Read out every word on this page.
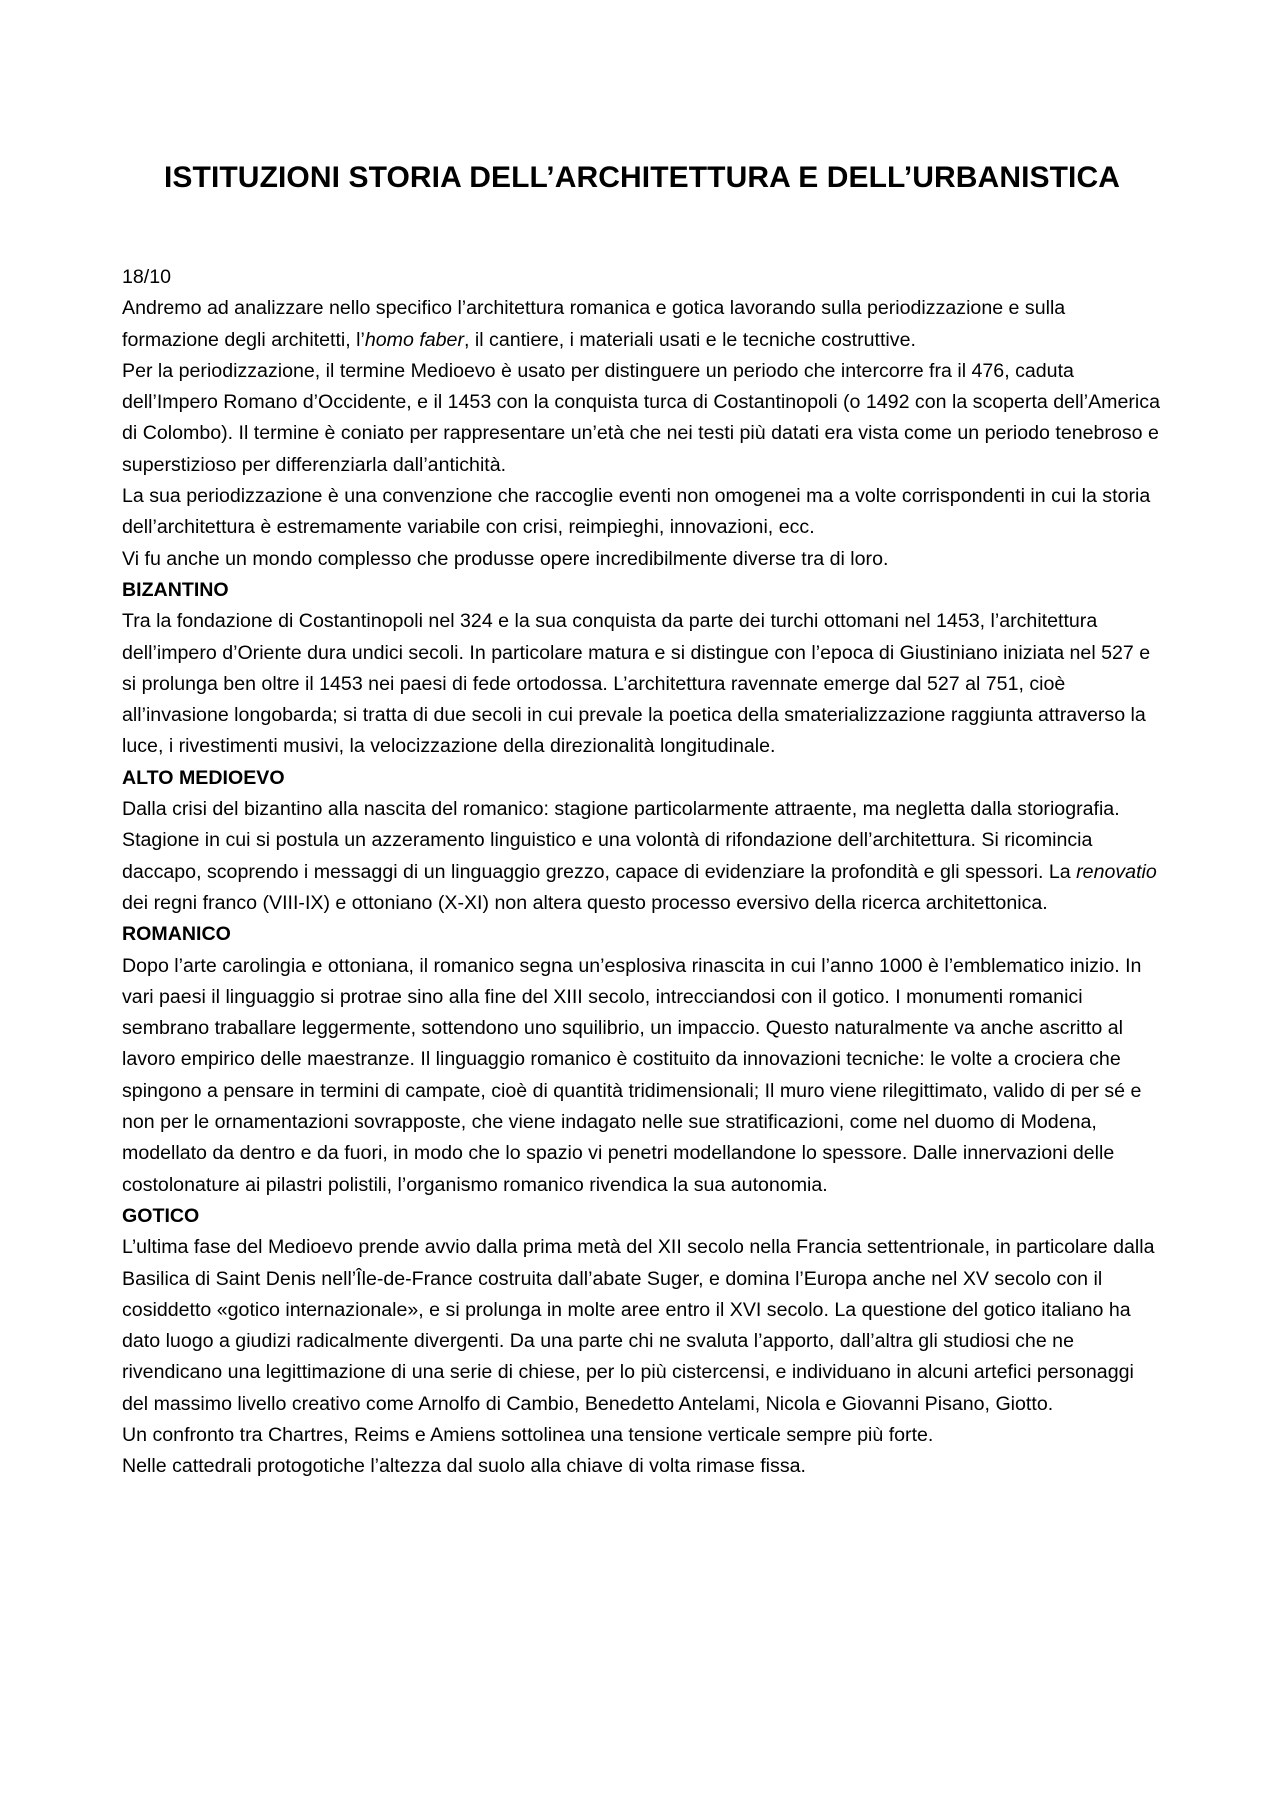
ISTITUZIONI STORIA DELL’ARCHITETTURA E DELL’URBANISTICA

18/10

Andremo ad analizzare nello specifico l’architettura romanica e gotica lavorando sulla periodizzazione e sulla formazione degli architetti, l’homo faber, il cantiere, i materiali usati e le tecniche costruttive.

Per la periodizzazione, il termine Medioevo è usato per distinguere un periodo che intercorre fra il 476, caduta dell’Impero Romano d’Occidente, e il 1453 con la conquista turca di Costantinopoli (o 1492 con la scoperta dell’America di Colombo). Il termine è coniato per rappresentare un’età che nei testi più datati era vista come un periodo tenebroso e superstizioso per differenziarla dall’antichità.

La sua periodizzazione è una convenzione che raccoglie eventi non omogenei ma a volte corrispondenti in cui la storia dell’architettura è estremamente variabile con crisi, reimpieghi, innovazioni, ecc.

Vi fu anche un mondo complesso che produsse opere incredibilmente diverse tra di loro.

BIZANTINO

Tra la fondazione di Costantinopoli nel 324 e la sua conquista da parte dei turchi ottomani nel 1453, l’architettura dell’impero d’Oriente dura undici secoli. In particolare matura e si distingue con l’epoca di Giustiniano iniziata nel 527 e si prolunga ben oltre il 1453 nei paesi di fede ortodossa. L’architettura ravennate emerge dal 527 al 751, cioè all’invasione longobarda; si tratta di due secoli in cui prevale la poetica della smaterializzazione raggiunta attraverso la luce, i rivestimenti musivi, la velocizzazione della direzionalità longitudinale.

ALTO MEDIOEVO

Dalla crisi del bizantino alla nascita del romanico: stagione particolarmente attraente, ma negletta dalla storiografia. Stagione in cui si postula un azzeramento linguistico e una volontà di rifondazione dell’architettura. Si ricomincia daccapo, scoprendo i messaggi di un linguaggio grezzo, capace di evidenziare la profondità e gli spessori. La renovatio dei regni franco (VIII-IX) e ottoniano (X-XI) non altera questo processo eversivo della ricerca architettonica.

ROMANICO

Dopo l’arte carolingia e ottoniana, il romanico segna un’esplosiva rinascita in cui l’anno 1000 è l’emblematico inizio. In vari paesi il linguaggio si protrae sino alla fine del XIII secolo, intrecciandosi con il gotico. I monumenti romanici sembrano traballare leggermente, sottendono uno squilibrio, un impaccio. Questo naturalmente va anche ascritto al lavoro empirico delle maestranze. Il linguaggio romanico è costituito da innovazioni tecniche: le volte a crociera che spingono a pensare in termini di campate, cioè di quantità tridimensionali; Il muro viene rilegittimato, valido di per sé e non per le ornamentazioni sovrapposte, che viene indagato nelle sue stratificazioni, come nel duomo di Modena, modellato da dentro e da fuori, in modo che lo spazio vi penetri modellandone lo spessore. Dalle innervazioni delle costolonature ai pilastri polistili, l’organismo romanico rivendica la sua autonomia.

GOTICO

L’ultima fase del Medioevo prende avvio dalla prima metà del XII secolo nella Francia settentrionale, in particolare dalla Basilica di Saint Denis nell’Île-de-France costruita dall’abate Suger, e domina l’Europa anche nel XV secolo con il cosiddetto «gotico internazionale», e si prolunga in molte aree entro il XVI secolo. La questione del gotico italiano ha dato luogo a giudizi radicalmente divergenti. Da una parte chi ne svaluta l’apporto, dall’altra gli studiosi che ne rivendicano una legittimazione di una serie di chiese, per lo più cistercensi, e individuano in alcuni artefici personaggi del massimo livello creativo come Arnolfo di Cambio, Benedetto Antelami, Nicola e Giovanni Pisano, Giotto.

Un confronto tra Chartres, Reims e Amiens sottolinea una tensione verticale sempre più forte.

Nelle cattedrali protogotiche l’altezza dal suolo alla chiave di volta rimase fissa.
